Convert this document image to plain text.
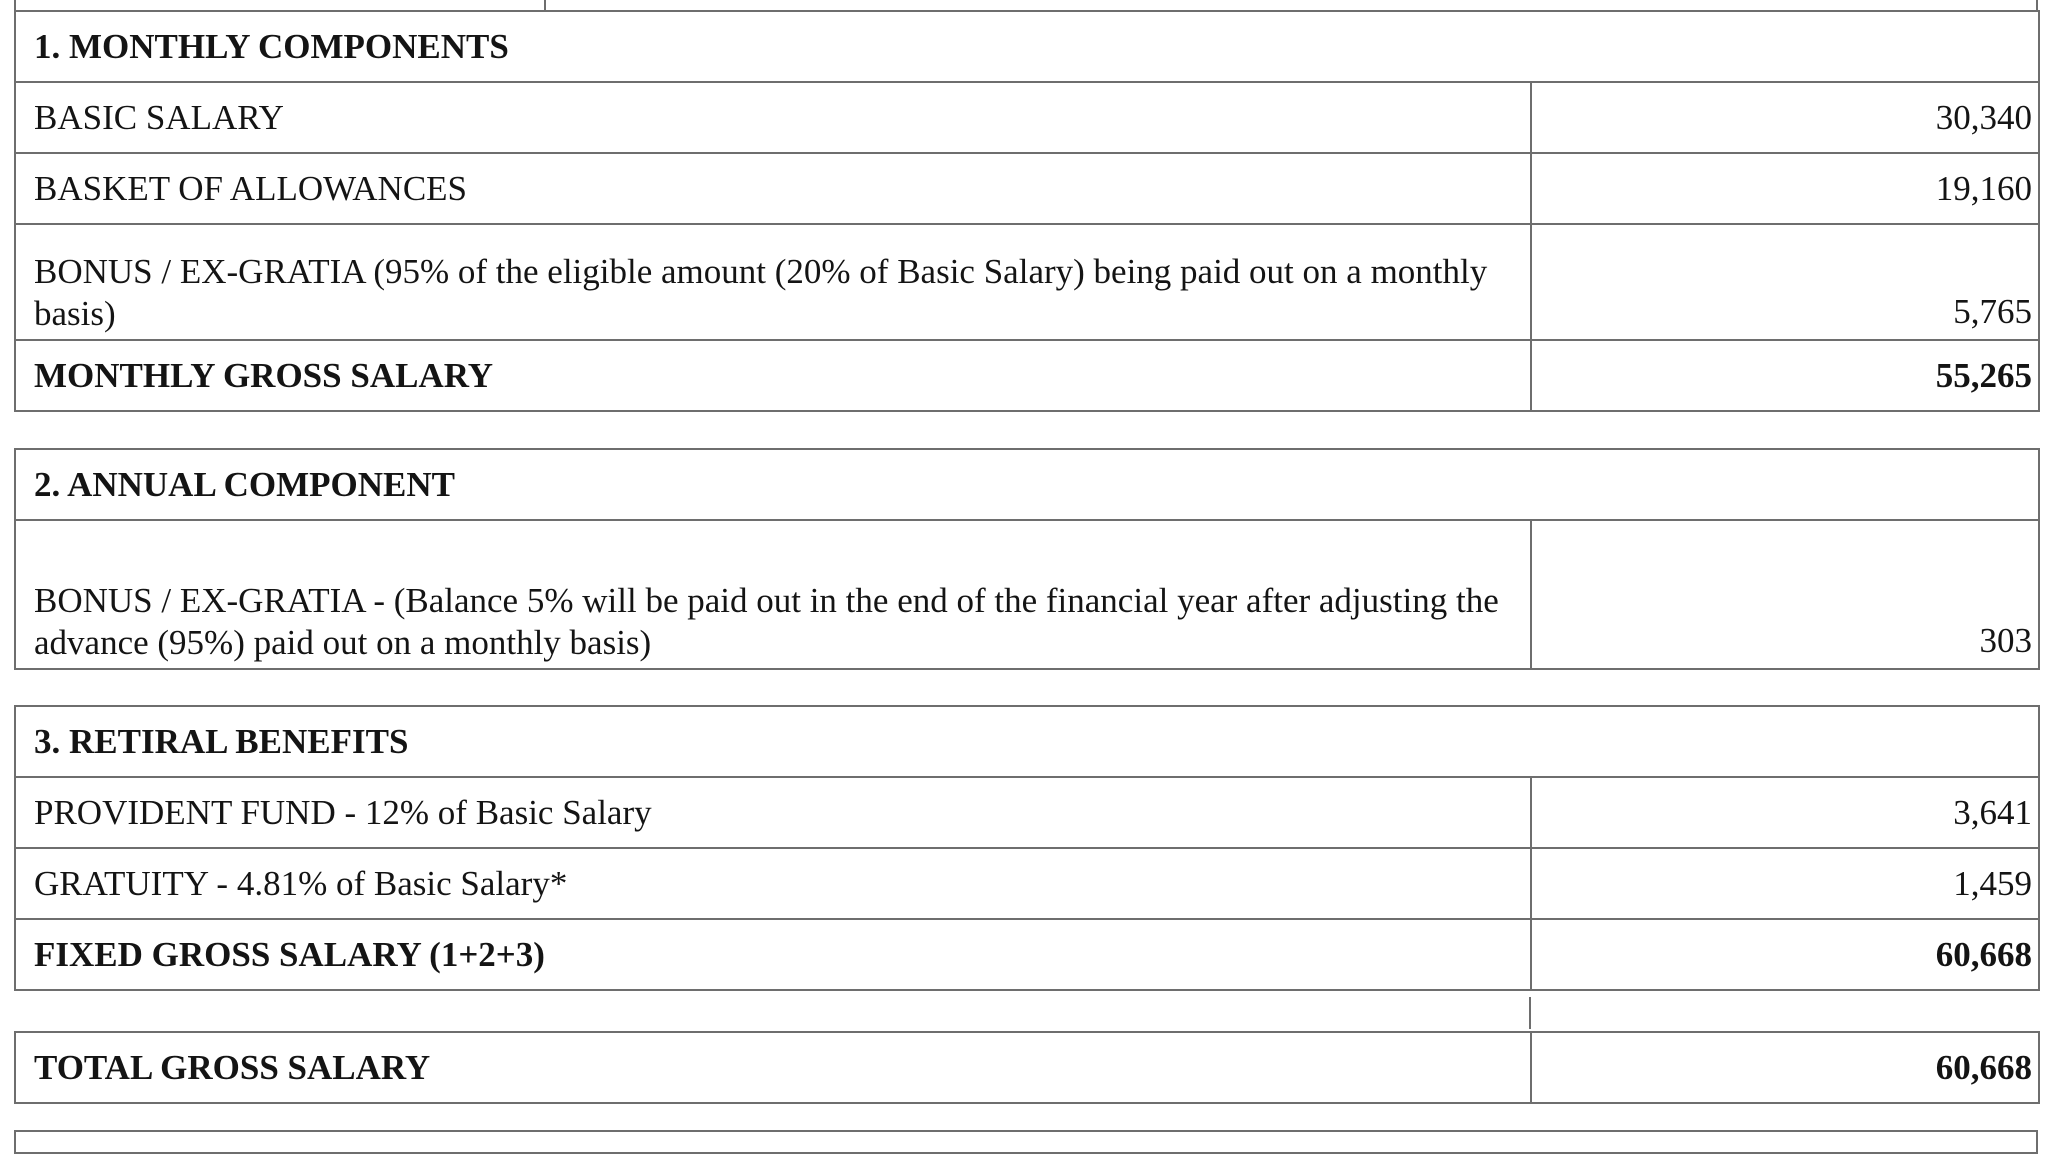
1. MONTHLY COMPONENTS	
BASIC SALARY	30,340
BASKET OF ALLOWANCES	19,160
BONUS / EX-GRATIA (95% of the eligible amount (20% of Basic Salary) being paid out on a monthly basis)	5,765
MONTHLY GROSS SALARY	55,265
2. ANNUAL COMPONENT
BONUS / EX-GRATIA - (Balance 5% will be paid out in the end of the financial year after adjusting the advance (95%) paid out on a monthly basis)	303
3. RETIRAL BENEFITS	
PROVIDENT FUND - 12% of Basic Salary	3,641
GRATUITY - 4.81% of Basic Salary*	1,459
FIXED GROSS SALARY (1+2+3)	60,668

TOTAL GROSS SALARY	60,668
